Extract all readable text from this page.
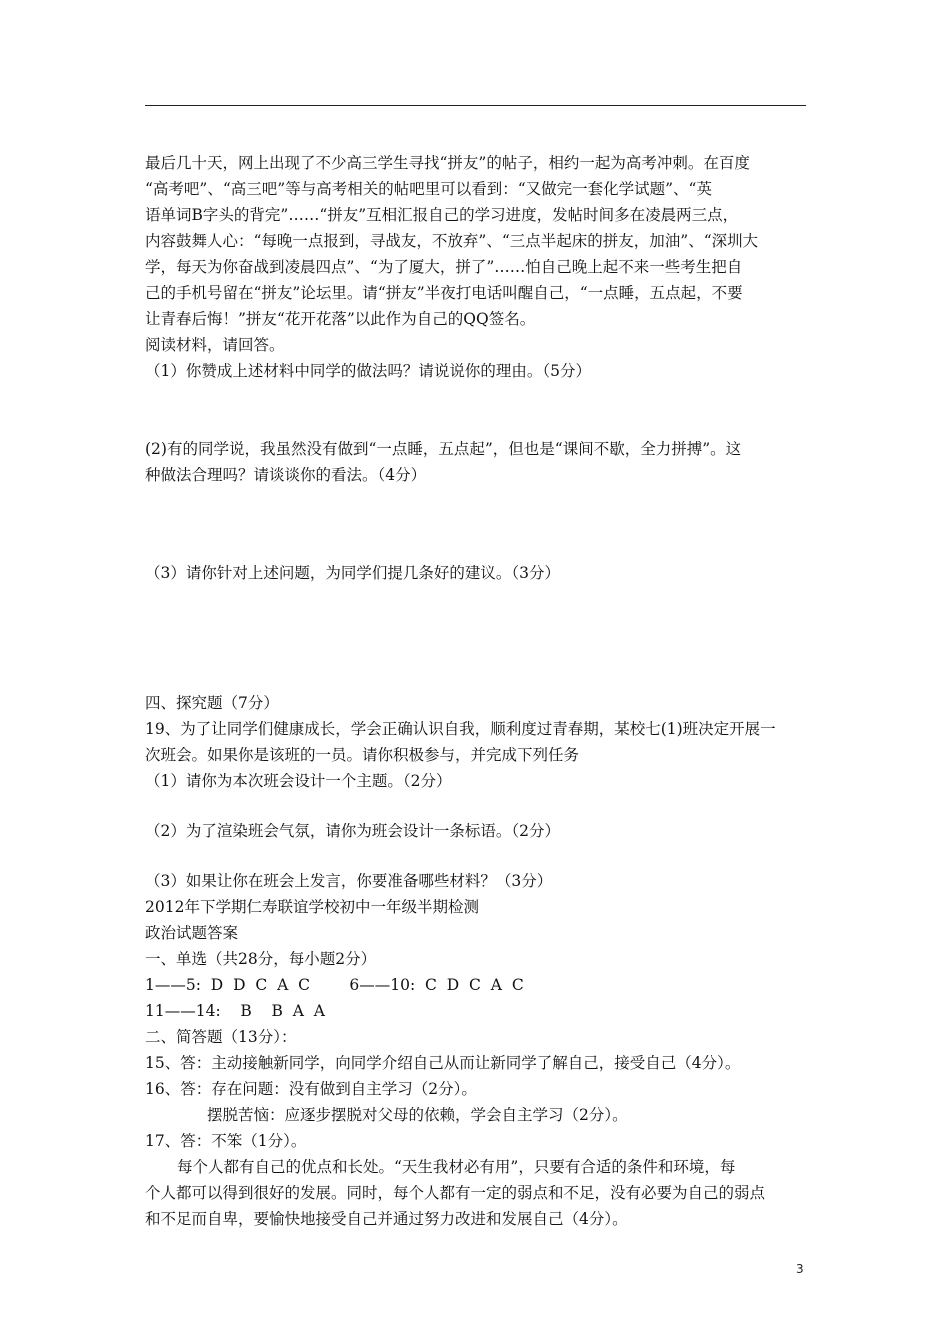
最后几十天，网上出现了不少高三学生寻找“拼友”的帖子，相约一起为高考冲刺。在百度
“高考吧”、“高三吧”等与高考相关的帖吧里可以看到：“又做完一套化学试题”、“英
语单词B字头的背完”……“拼友”互相汇报自己的学习进度，发帖时间多在凌晨两三点，
内容鼓舞人心：“每晚一点报到，寻战友，不放弃”、“三点半起床的拼友，加油”、“深圳大
学，每天为你奋战到凌晨四点”、“为了厦大，拼了”……怕自己晚上起不来一些考生把自
己的手机号留在“拼友”论坛里。请“拼友”半夜打电话叫醒自己，“一点睡，五点起，不要
让青春后悔！”拼友“花开花落”以此作为自己的QQ签名。
阅读材料，请回答。
（1）你赞成上述材料中同学的做法吗？请说说你的理由。（5分）
(2)有的同学说，我虽然没有做到“一点睡，五点起”，但也是“课间不歇，全力拼搏”。这
种做法合理吗？请谈谈你的看法。（4分）
（3）请你针对上述问题，为同学们提几条好的建议。（3分）
四、探究题（7分）
19、为了让同学们健康成长，学会正确认识自我，顺利度过青春期，某校七(1)班决定开展一
次班会。如果你是该班的一员。请你积极参与，并完成下列任务
（1）请你为本次班会设计一个主题。（2分）
（2）为了渲染班会气氛，请你为班会设计一条标语。（2分）
（3）如果让你在班会上发言，你要准备哪些材料？（3分）
2012年下学期仁寿联谊学校初中一年级半期检测
政治试题答案
一、单选（共28分，每小题2分）
1——5:  D  D  C  A  C        6——10:  C  D  C  A  C
11——14:    B    B  A  A
二、简答题（13分）：
15、答：主动接触新同学，向同学介绍自己从而让新同学了解自己，接受自己（4分）。
16、答：存在问题：没有做到自主学习（2分）。
摆脱苦恼：应逐步摆脱对父母的依赖，学会自主学习（2分）。
17、答：不笨（1分）。
每个人都有自己的优点和长处。“天生我材必有用”，只要有合适的条件和环境，每
个人都可以得到很好的发展。同时，每个人都有一定的弱点和不足，没有必要为自己的弱点
和不足而自卑，要愉快地接受自己并通过努力改进和发展自己（4分）。
3
